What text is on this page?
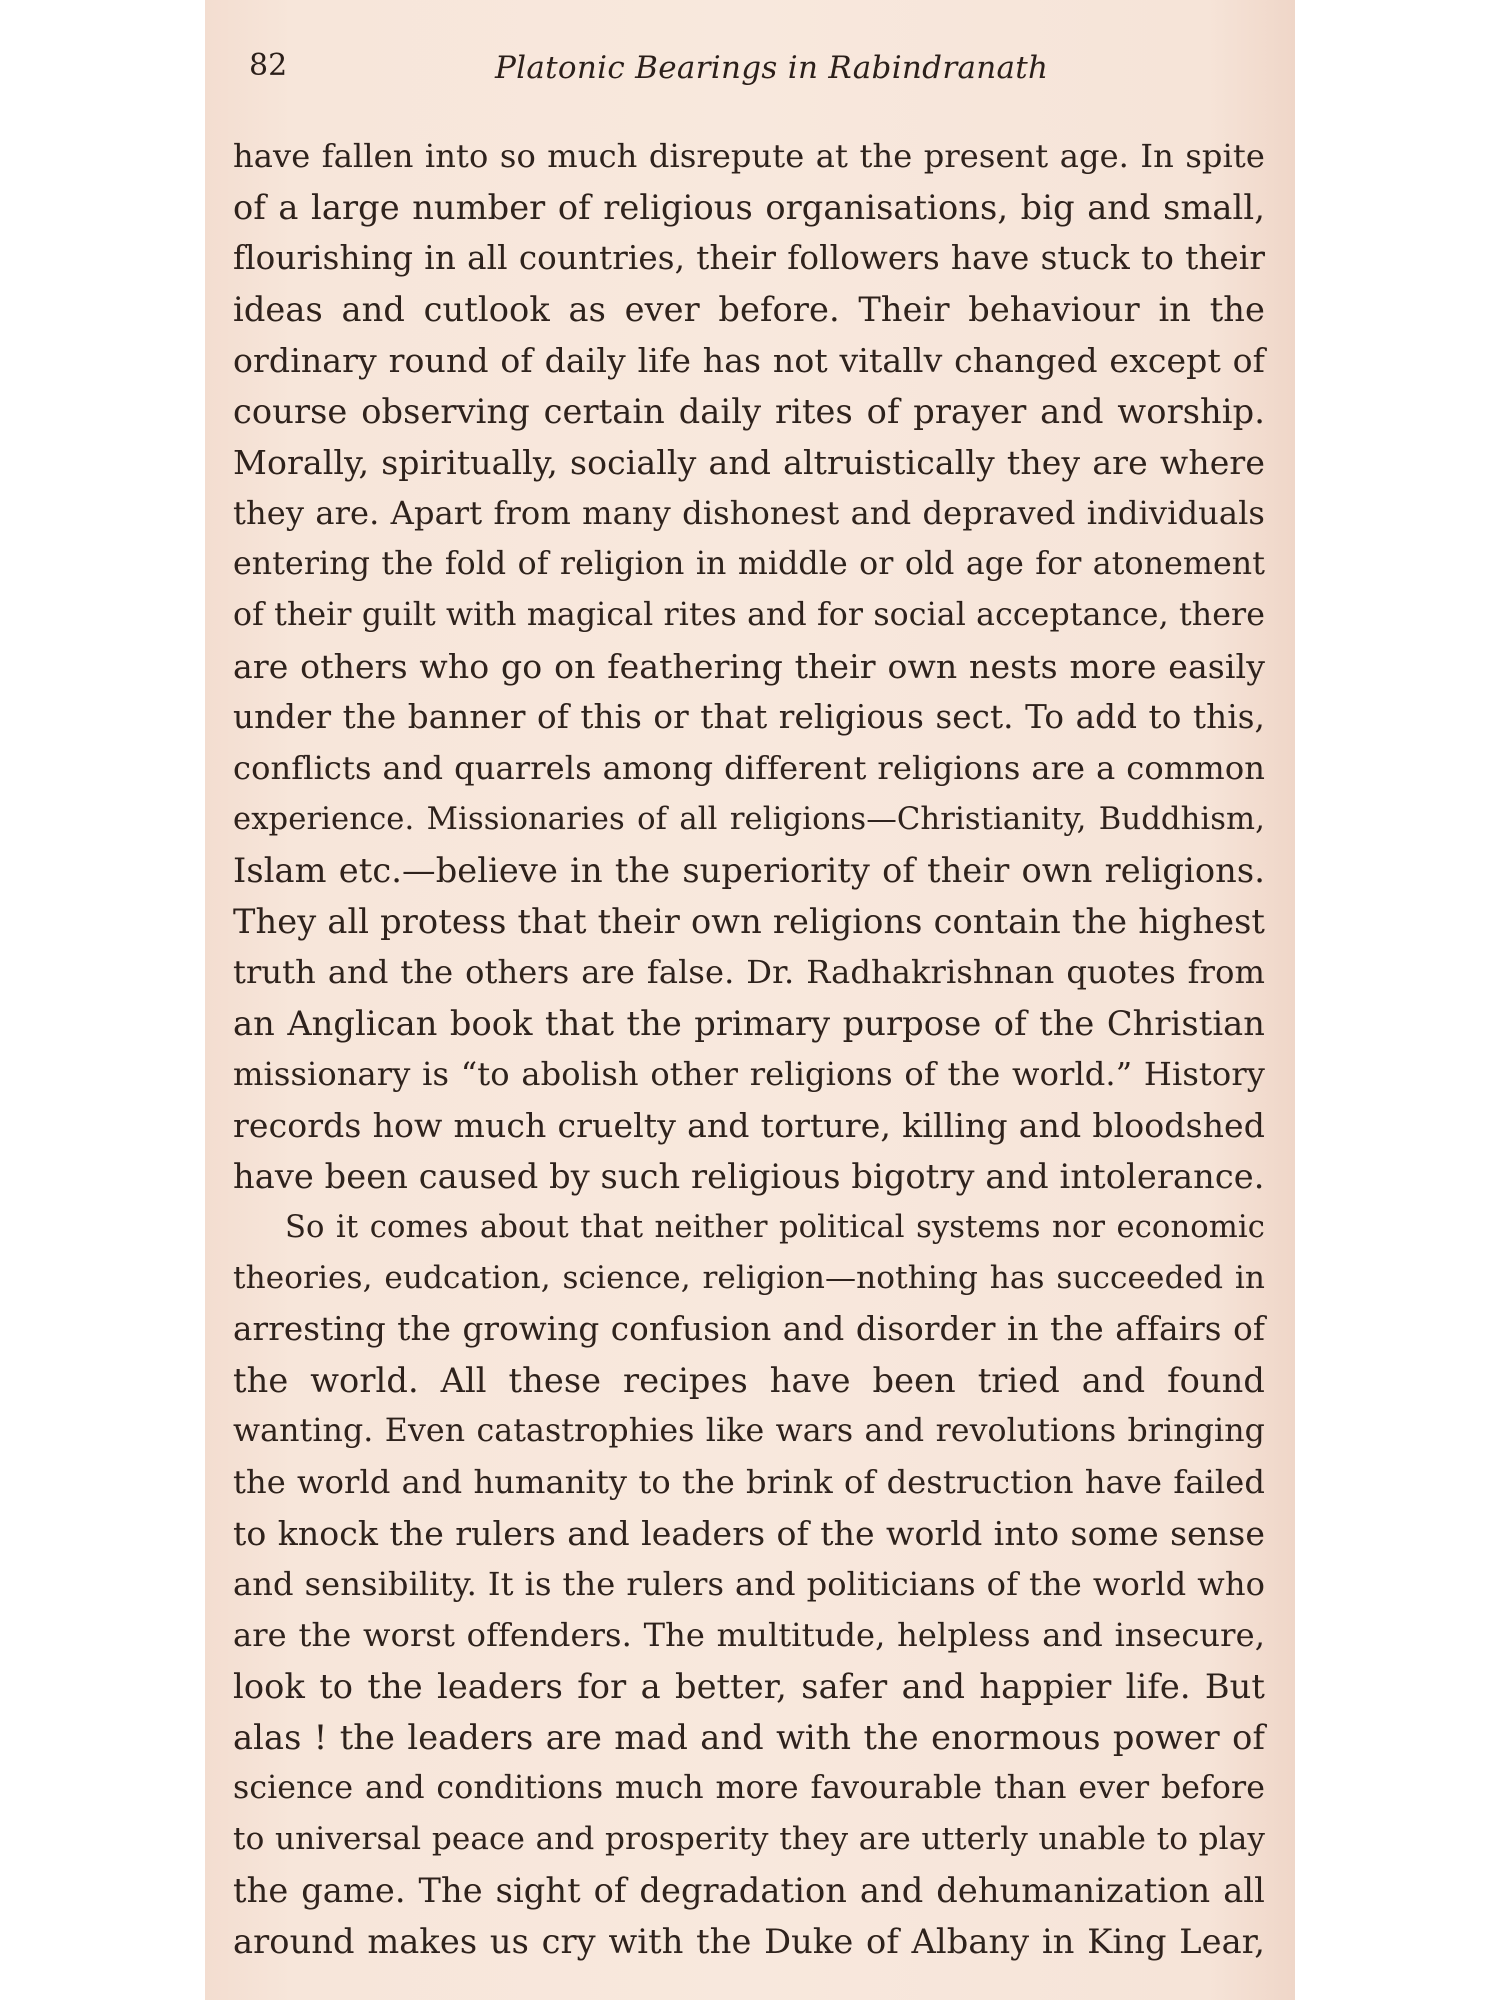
82	Platonic Bearings in Rabindranath
have fallen into so much disrepute at the present age. In spite
of a large number of religious organisations, big and small,
flourishing in all countries, their followers have stuck to their
ideas and cutlook as ever before. Their behaviour in the
ordinary round of daily life has not vitallv changed except of
course observing certain daily rites of prayer and worship.
Morally, spiritually, socially and altruistically they are where
they are. Apart from many dishonest and depraved individuals
entering the fold of religion in middle or old age for atonement
of their guilt with magical rites and for social acceptance, there
are others who go on feathering their own nests more easily
under the banner of this or that religious sect. To add to this,
conflicts and quarrels among different religions are a common
experience. Missionaries of all religions—Christianity, Buddhism,
Islam etc.—believe in the superiority of their own religions.
They all protess that their own religions contain the highest
truth and the others are false. Dr. Radhakrishnan quotes from
an Anglican book that the primary purpose of the Christian
missionary is “to abolish other religions of the world.” History
records how much cruelty and torture, killing and bloodshed
have been caused by such religious bigotry and intolerance.
So it comes about that neither political systems nor economic
theories, eudcation, science, religion—nothing has succeeded in
arresting the growing confusion and disorder in the affairs of
the world. All these recipes have been tried and found
wanting. Even catastrophies like wars and revolutions bringing
the world and humanity to the brink of destruction have failed
to knock the rulers and leaders of the world into some sense
and sensibility. It is the rulers and politicians of the world who
are the worst offenders. The multitude, helpless and insecure,
look to the leaders for a better, safer and happier life. But
alas ! the leaders are mad and with the enormous power of
science and conditions much more favourable than ever before
to universal peace and prosperity they are utterly unable to play
the game. The sight of degradation and dehumanization all
around makes us cry with the Duke of Albany in King Lear,
